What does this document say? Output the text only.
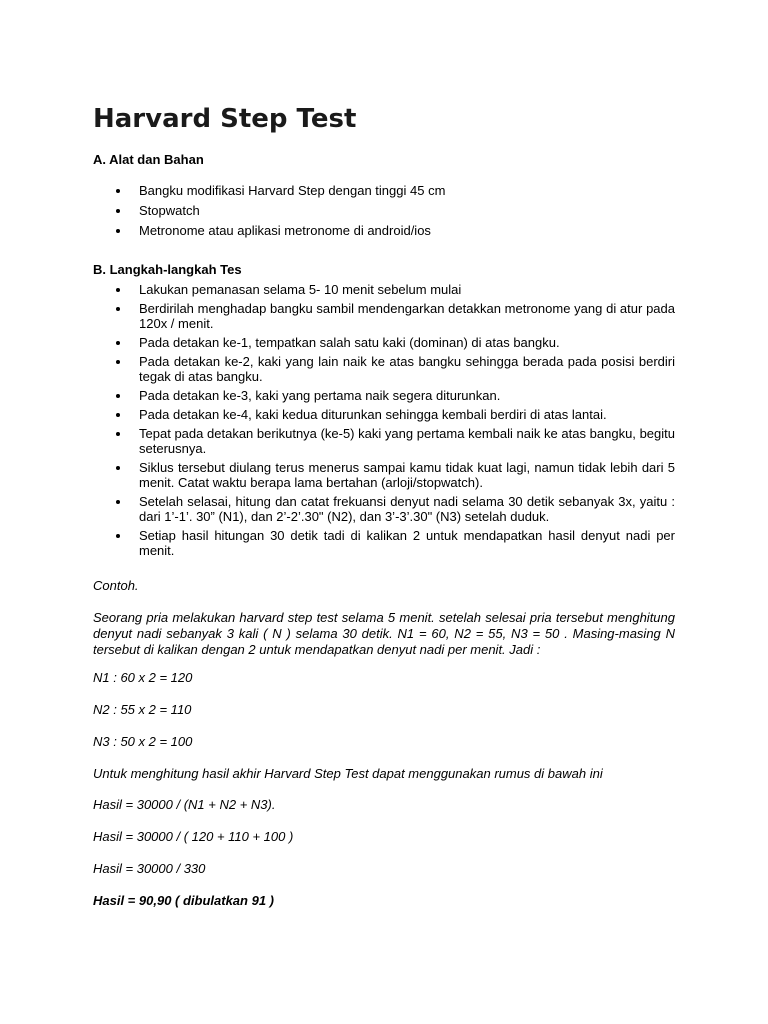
Harvard Step Test

A. Alat dan Bahan

Bangku modifikasi Harvard Step dengan tinggi 45 cm
Stopwatch
Metronome atau aplikasi metronome di android/ios

B. Langkah-langkah Tes

Lakukan pemanasan selama 5- 10 menit sebelum mulai
Berdirilah menghadap bangku sambil mendengarkan detakkan metronome yang di atur pada 120x / menit.
Pada detakan ke-1, tempatkan salah satu kaki (dominan) di atas bangku.
Pada detakan ke-2, kaki yang lain naik ke atas bangku sehingga berada pada posisi berdiri tegak di atas bangku.
Pada detakan ke-3, kaki yang pertama naik segera diturunkan.
Pada detakan ke-4, kaki kedua diturunkan sehingga kembali berdiri di atas lantai.
Tepat pada detakan berikutnya (ke-5) kaki yang pertama kembali naik ke atas bangku, begitu seterusnya.
Siklus tersebut diulang terus menerus sampai kamu tidak kuat lagi, namun tidak lebih dari 5 menit. Catat waktu berapa lama bertahan (arloji/stopwatch).
Setelah selasai, hitung dan catat frekuansi denyut nadi selama 30 detik sebanyak 3x, yaitu : dari 1’-1’. 30” (N1), dan 2’-2’.30" (N2), dan 3’-3’.30" (N3) setelah duduk.
Setiap hasil hitungan 30 detik tadi di kalikan 2 untuk mendapatkan hasil denyut nadi per menit.

Contoh.

Seorang pria melakukan harvard step test selama 5 menit. setelah selesai pria tersebut menghitung denyut nadi sebanyak 3 kali ( N ) selama 30 detik. N1 = 60, N2 = 55, N3 = 50 . Masing-masing N tersebut di kalikan dengan 2 untuk mendapatkan denyut nadi per menit. Jadi :

N1 : 60 x 2 = 120

N2 : 55 x 2 = 110

N3 : 50 x 2 = 100

Untuk menghitung hasil akhir Harvard Step Test dapat menggunakan rumus di bawah ini

Hasil = 30000 / (N1 + N2 + N3).

Hasil = 30000 / ( 120 + 110 + 100 )

Hasil = 30000 / 330

Hasil = 90,90 ( dibulatkan 91 )
